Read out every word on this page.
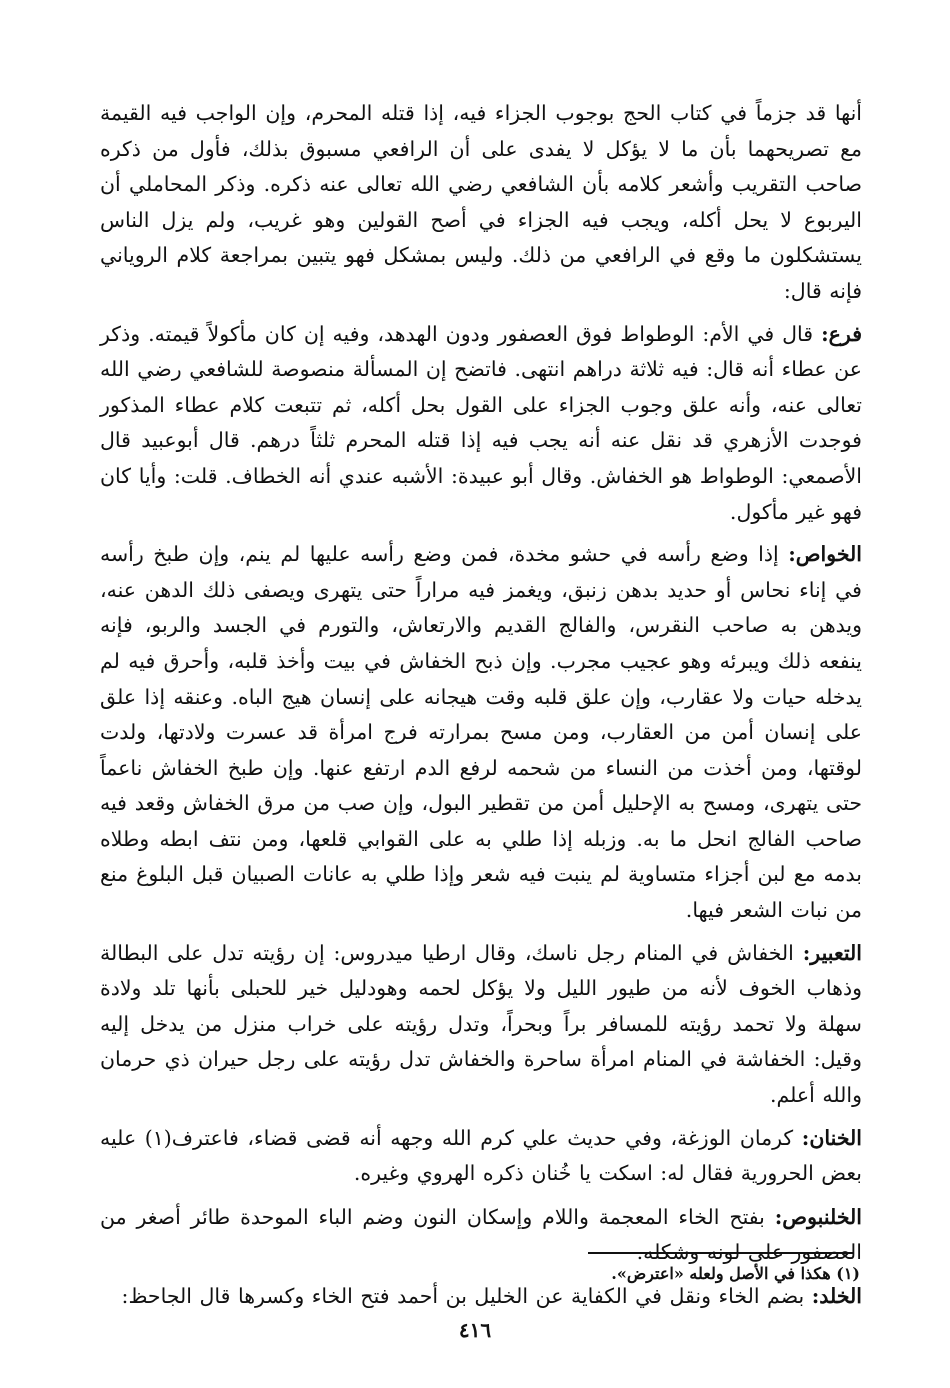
أنها قد جزماً في كتاب الحج بوجوب الجزاء فيه، إذا قتله المحرم، وإن الواجب فيه القيمة مع تصريحهما بأن ما لا يؤكل لا يفدى على أن الرافعي مسبوق بذلك، فأول من ذكره صاحب التقريب وأشعر كلامه بأن الشافعي رضي الله تعالى عنه ذكره. وذكر المحاملي أن اليربوع لا يحل أكله، ويجب فيه الجزاء في أصح القولين وهو غريب، ولم يزل الناس يستشكلون ما وقع في الرافعي من ذلك. وليس بمشكل فهو يتبين بمراجعة كلام الروياني فإنه قال:

فرع: قال في الأم: الوطواط فوق العصفور ودون الهدهد، وفيه إن كان مأكولاً قيمته. وذكر عن عطاء أنه قال: فيه ثلاثة دراهم انتهى. فاتضح إن المسألة منصوصة للشافعي رضي الله تعالى عنه، وأنه علق وجوب الجزاء على القول بحل أكله، ثم تتبعت كلام عطاء المذكور فوجدت الأزهري قد نقل عنه أنه يجب فيه إذا قتله المحرم ثلثاً درهم. قال أبوعبيد قال الأصمعي: الوطواط هو الخفاش. وقال أبو عبيدة: الأشبه عندي أنه الخطاف. قلت: وأيا كان فهو غير مأكول.

الخواص: إذا وضع رأسه في حشو مخدة، فمن وضع رأسه عليها لم ينم، وإن طبخ رأسه في إناء نحاس أو حديد بدهن زنبق، ويغمز فيه مراراً حتى يتهرى ويصفى ذلك الدهن عنه، ويدهن به صاحب النقرس، والفالج القديم والارتعاش، والتورم في الجسد والربو، فإنه ينفعه ذلك ويبرئه وهو عجيب مجرب. وإن ذبح الخفاش في بيت وأخذ قلبه، وأحرق فيه لم يدخله حيات ولا عقارب، وإن علق قلبه وقت هيجانه على إنسان هيج الباه. وعنقه إذا علق على إنسان أمن من العقارب، ومن مسح بمرارته فرج امرأة قد عسرت ولادتها، ولدت لوقتها، ومن أخذت من النساء من شحمه لرفع الدم ارتفع عنها. وإن طبخ الخفاش ناعماً حتى يتهرى، ومسح به الإحليل أمن من تقطير البول، وإن صب من مرق الخفاش وقعد فيه صاحب الفالج انحل ما به. وزبله إذا طلي به على القوابي قلعها، ومن نتف ابطه وطلاه بدمه مع لبن أجزاء متساوية لم ينبت فيه شعر وإذا طلي به عانات الصبيان قبل البلوغ منع من نبات الشعر فيها.

التعبير: الخفاش في المنام رجل ناسك، وقال ارطيا ميدروس: إن رؤيته تدل على البطالة وذهاب الخوف لأنه من طيور الليل ولا يؤكل لحمه وهودليل خير للحبلى بأنها تلد ولادة سهلة ولا تحمد رؤيته للمسافر براً وبحراً، وتدل رؤيته على خراب منزل من يدخل إليه وقيل: الخفاشة في المنام امرأة ساحرة والخفاش تدل رؤيته على رجل حيران ذي حرمان والله أعلم.

الخنان: كرمان الوزغة، وفي حديث علي كرم الله وجهه أنه قضى قضاء، فاعترف(١) عليه بعض الحرورية فقال له: اسكت يا خُنان ذكره الهروي وغيره.

الخلنبوص: بفتح الخاء المعجمة واللام وإسكان النون وضم الباء الموحدة طائر أصغر من العصفور على لونه وشكله.

الخلد: بضم الخاء ونقل في الكفاية عن الخليل بن أحمد فتح الخاء وكسرها قال الجاحظ:

(١) هكذا في الأصل ولعله «اعترض».
٤١٦
